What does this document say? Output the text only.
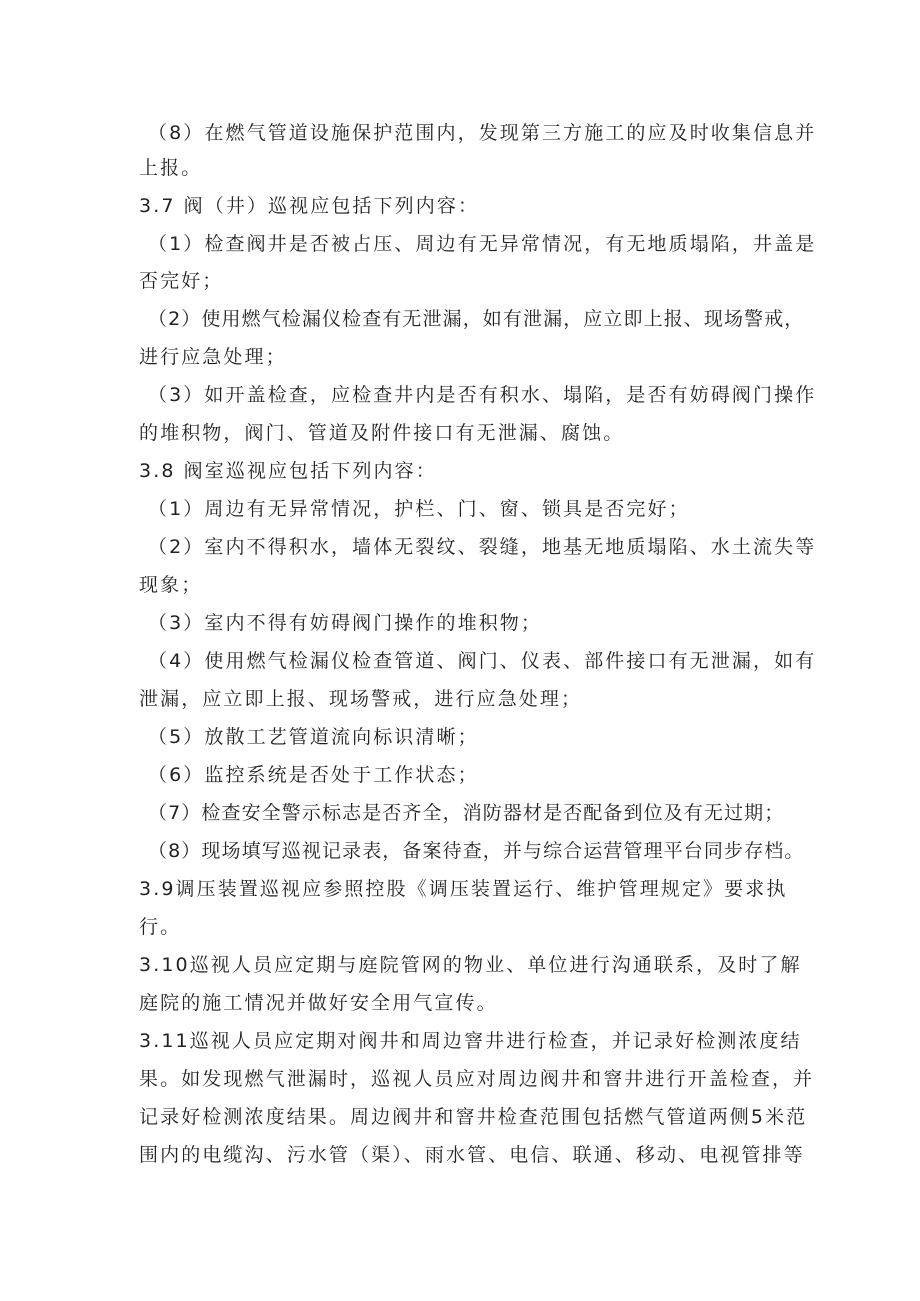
（8）在燃气管道设施保护范围内，发现第三方施工的应及时收集信息并
上报。
3.7 阀（井）巡视应包括下列内容：
（1）检查阀井是否被占压、周边有无异常情况，有无地质塌陷，井盖是
否完好；
（2）使用燃气检漏仪检查有无泄漏，如有泄漏，应立即上报、现场警戒，
进行应急处理；
（3）如开盖检查，应检查井内是否有积水、塌陷，是否有妨碍阀门操作
的堆积物，阀门、管道及附件接口有无泄漏、腐蚀。
3.8 阀室巡视应包括下列内容：
（1）周边有无异常情况，护栏、门、窗、锁具是否完好；
（2）室内不得积水，墙体无裂纹、裂缝，地基无地质塌陷、水土流失等
现象；
（3）室内不得有妨碍阀门操作的堆积物；
（4）使用燃气检漏仪检查管道、阀门、仪表、部件接口有无泄漏，如有
泄漏，应立即上报、现场警戒，进行应急处理；
（5）放散工艺管道流向标识清晰；
（6）监控系统是否处于工作状态；
（7）检查安全警示标志是否齐全，消防器材是否配备到位及有无过期；
（8）现场填写巡视记录表，备案待查，并与综合运营管理平台同步存档。
3.9调压装置巡视应参照控股《调压装置运行、维护管理规定》要求执
行。
3.10巡视人员应定期与庭院管网的物业、单位进行沟通联系，及时了解
庭院的施工情况并做好安全用气宣传。
3.11巡视人员应定期对阀井和周边窨井进行检查，并记录好检测浓度结
果。如发现燃气泄漏时，巡视人员应对周边阀井和窨井进行开盖检查，并
记录好检测浓度结果。周边阀井和窨井检查范围包括燃气管道两侧5米范
围内的电缆沟、污水管（渠）、雨水管、电信、联通、移动、电视管排等
